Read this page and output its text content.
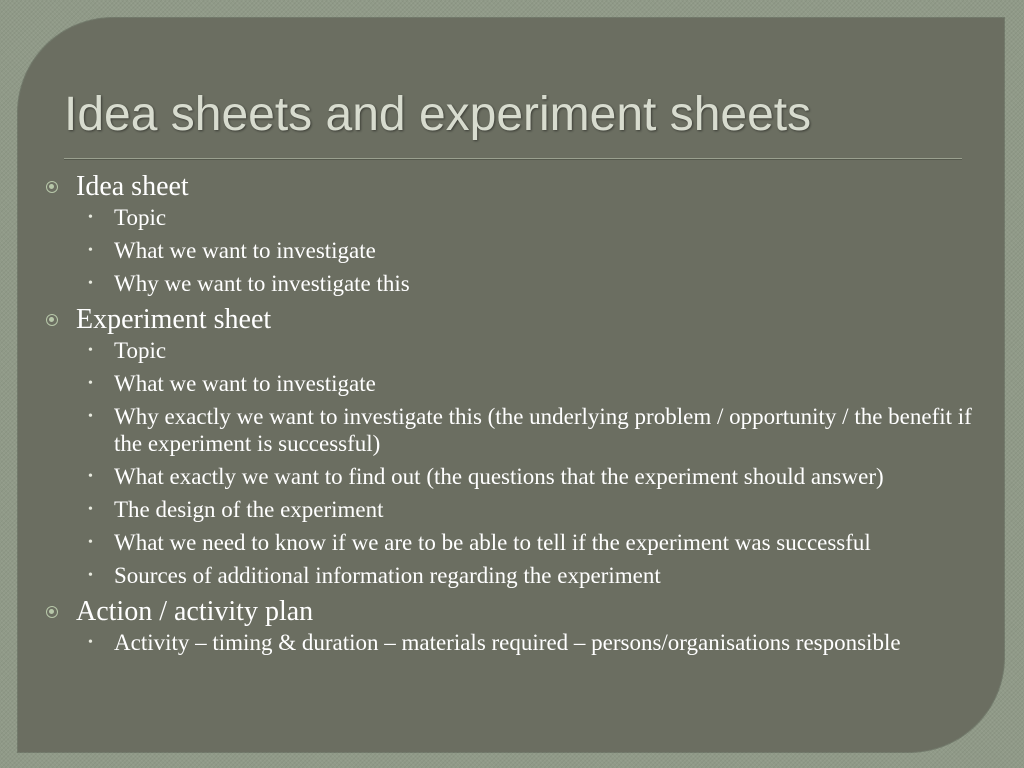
Idea sheets and experiment sheets
Idea sheet
• Topic
• What we want to investigate
• Why we want to investigate this
Experiment sheet
• Topic
• What we want to investigate
• Why exactly we want to investigate this (the underlying problem / opportunity / the benefit if the experiment is successful)
• What exactly we want to find out (the questions that the experiment should answer)
• The design of the experiment
• What we need to know if we are to be able to tell if the experiment was successful
• Sources of additional information regarding the experiment
Action / activity plan
• Activity – timing & duration – materials required – persons/organisations responsible
